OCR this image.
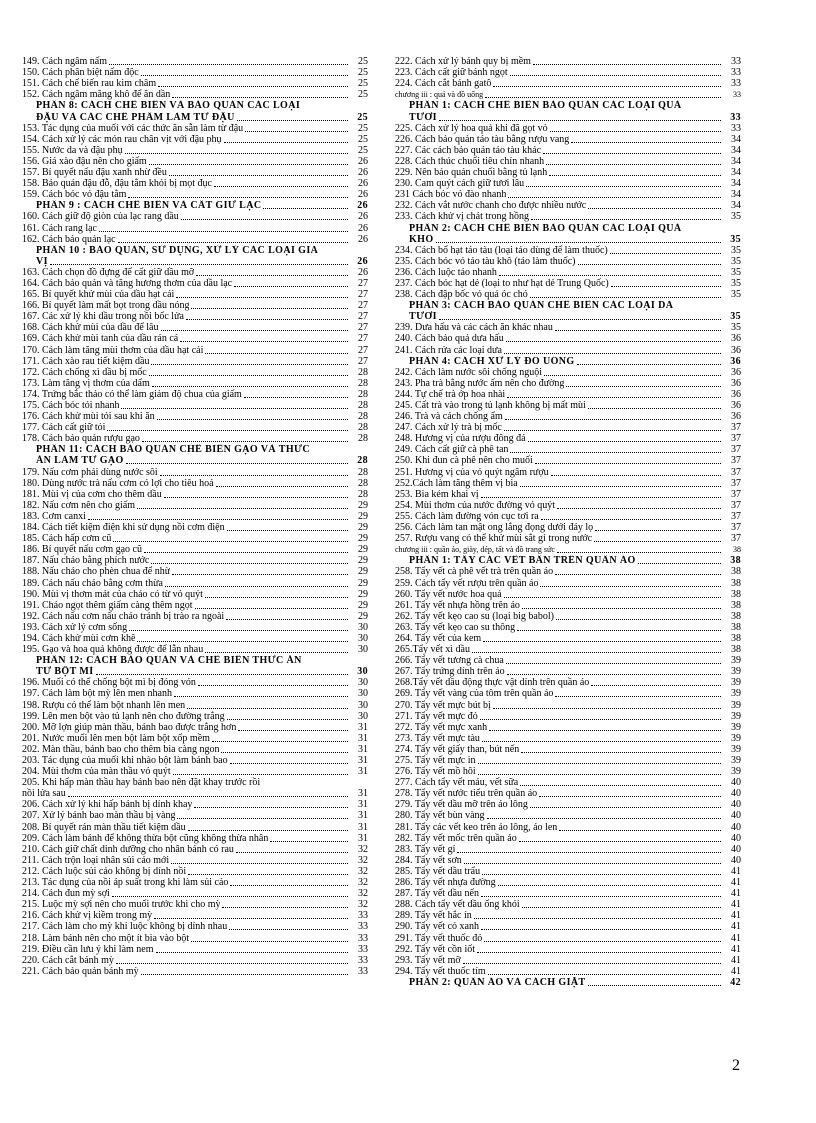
149. Cách ngâm nấm	25
150. Cách phân biệt nấm độc	25
151. Cách chế biến rau kim châm	25
152. Cách ngâm măng khô để ăn dần	25
PHẦN 8: CÁCH CHẾ BIẾN VÀ BẢO QUẢN CÁC LOẠI
ĐẬU VÀ CÁC CHẾ PHẨM LÀM TỪ ĐẬU	25
153. Tác dụng của muối với các thức ăn sẵn làm từ đậu	25
154. Cách xử lý các món rau chân vịt với đậu phụ	25
155. Nước da và đậu phụ	25
156. Giá xào đậu nên cho giấm	26
157. Bí quyết nấu đậu xanh nhừ đều	26
158. Bảo quản đậu đỗ, đậu tằm khỏi bị mọt đục	26
159. Cách bóc vỏ đậu tằm	26
PHẦN 9 : CÁCH CHẾ BIẾN VÀ CẤT GIỮ LẠC	26
160. Cách giữ độ giòn của lạc rang dầu	26
161. Cách rang lạc	26
162. Cách bảo quản lạc	26
PHẦN 10 : BẢO QUẢN, SỬ DỤNG, XỬ LÝ CÁC LOẠI GIA
VỊ	26
163. Cách chọn đồ đựng để cất giữ dầu mỡ	26
164. Cách bảo quản và tăng hương thơm của dầu lạc	27
165. Bí quyết khử mùi của dầu hạt cải	27
166. Bí quyết làm mất bọt trong dầu nóng	27
167. Các xử lý khi dầu trong nồi bốc lửa	27
168. Cách khử mùi của dầu để lâu	27
169. Cách khử mùi tanh của dầu rán cá	27
170. Cách làm tăng mùi thơm của dầu hạt cải	27
171. Cách xào rau tiết kiệm dầu	27
172. Cách chống xì dầu bị mốc	28
173. Làm tăng vị thơm của dấm	28
174. Trứng bắc thảo có thể làm giảm độ chua của giấm	28
175. Cách bóc tỏi nhanh	28
176. Cách khử mùi tỏi sau khi ăn	28
177. Cách cất giữ tỏi	28
178. Cách bảo quản rượu gạo	28
PHẦN 11: CÁCH BẢO QUẢN CHẾ BIẾN GẠO VÀ THỨC
ĂN LÀM TỪ GẠO	28
179. Nấu cơm phải dùng nước sôi	28
180. Dùng nước trà nấu cơm có lợi cho tiêu hoá	28
181. Mùi vị của cơm cho thêm dầu	28
182. Nấu cơm nên cho giấm	29
183. Cơm canxi	29
184. Cách tiết kiệm điện khi sử dụng nồi cơm điện	29
185. Cách hấp cơm cũ	29
186. Bí quyết nấu cơm gạo cũ	29
187. Nấu cháo bằng phích nước	29
188. Nấu cháo cho phèn chua để nhừ	29
189. Cách nấu cháo bằng cơm thừa	29
190. Mùi vị thơm mát của cháo có từ vỏ quýt	29
191. Cháo ngọt thêm giấm càng thêm ngọt	29
192. Cách nấu cơm nấu cháo tránh bị trào ra ngoài	29
193. Cách xử lý cơm sống	30
194. Cách khử mùi cơm khê	30
195. Gạo và hoa quả không được để lẫn nhau	30
PHẦN 12: CÁCH BẢO QUẢN VÀ CHẾ BIẾN THỨC ĂN
TỪ BỘT MÌ	30
196. Muối có thể chống bột mì bị đóng vón	30
197. Cách làm bột mỳ lên men nhanh	30
198. Rượu có thể làm bột nhanh lên men	30
199. Lên men bột vào tủ lạnh nên cho đường trắng	30
200. Mỡ lợn giúp màn thầu, bánh bao được trắng hơn	31
201. Nước muối lên men bột làm bột xốp mềm	31
202. Màn thầu, bánh bao cho thêm bia càng ngon	31
203. Tác dụng của muối khi nhào bột làm bánh bao	31
204. Mùi thơm của màn thầu vỏ quýt	31
205. Khi hấp màn thầu hay bánh bao nên đặt khay trước rồi
nồi lửa sau	31
206. Cách xử lý khi hấp bánh bị dính khay	31
207. Xử lý bánh bao màn thầu bị vàng	31
208. Bí quyết rán màn thầu tiết kiệm dầu	31
209. Cách làm bánh để không thừa bột cũng không thừa nhân	31
210. Cách giữ chất dinh dưỡng cho nhân bánh có rau	32
211. Cách trộn loại nhân sủi cảo mới	32
212. Cách luộc sủi cảo không bị dính nồi	32
213. Tác dụng của nồi áp suất trong khi làm sủi cảo	32
214. Cách đun mỳ sợi	32
215. Luộc mỳ sợi nên cho muối trước khi cho mỳ	32
216. Cách khử vị kiềm trong mỳ	33
217. Cách làm cho mỳ khi luộc không bị dính nhau	33
218. Làm bánh nên cho một ít bia vào bột	33
219. Điều cần lưu ý khi làm nem	33
220. Cách cắt bánh mỳ	33
221. Cách bảo quản bánh mỳ	33
222. Cách xử lý bánh quy bị mềm	33
223. Cách cất giữ bánh ngọt	33
224. Cách cắt bánh gatô	33
chương iii : quả và đồ uống	33
PHẦN 1: CÁCH CHẾ BIẾN BẢO QUẢN CÁC LOẠI QUẢ
TƯƠI	33
225. Cách xử lý hoa quả khi đã gọt vỏ	33
226. Cách bảo quản táo tàu bằng rượu vang	34
227. Các cách bảo quản táo tàu khác	34
228. Cách thúc chuối tiêu chín nhanh	34
229. Nên bảo quản chuối bằng tủ lạnh	34
230. Cam quýt cách giữ tươi lâu	34
231 Cách bóc vỏ đào nhanh	34
232. Cách vắt nước chanh cho được nhiều nước	34
233. Cách khử vị chát trong hồng	35
PHẦN 2: CÁCH CHẾ BIẾN BẢO QUẢN CÁC LOẠI QUẢ
KHÔ	35
234. Cách bổ hạt táo tàu (loại táo dùng để làm thuốc)	35
235. Cách bóc vỏ táo tàu khô (táo làm thuốc)	35
236. Cách luộc táo nhanh	35
237. Cách bóc hạt dẻ (loại to như hạt dẻ Trung Quốc)	35
238. Cách đập bốc vỏ quả óc chó	35
PHẦN 3: CÁCH BẢO QUẢN CHẾ BIẾN CÁC LOẠI DA
TƯƠI	35
239. Dưa hấu và các cách ăn khác nhau	35
240. Cách bảo quả dưa hấu	36
241. Cách rửa các loại dưa	36
PHẦN 4: CÁCH XỬ LÝ ĐỒ UỐNG	36
242. Cách làm nước sôi chống nguội	36
243. Pha trà bằng nước ấm nên cho đường	36
244. Tự chế trà ớp hoa nhài	36
245. Cất trà vào trong tủ lạnh không bị mất mùi	36
246. Trà và cách chống ẩm	36
247. Cách xử lý trà bị mốc	37
248. Hương vị của rượu đông đá	37
249. Cách cất giữ cà phê tan	37
250. Khi đun cà phê nên cho muối	37
251. Hương vị của vỏ quýt ngâm rượu	37
252.Cách làm tăng thêm vị bia	37
253. Bia kém khai vị	37
254. Mùi thơm của nước đường vỏ quýt	37
255. Cách làm đường vón cục tơi ra	37
256. Cách làm tan mật ong lắng đọng dưới đáy lọ	37
257. Rượu vang có thể khử mùi sắt gỉ trong nước	37
chương iii : quần áo, giày, dép, tất và đồ trang sức	38
PHẦN 1: TẨY CÁC VẾT BẨN TRÊN QUẦN ÁO	38
258. Tẩy vết cà phê vết trà trên quần áo	38
259. Cách tẩy vết rượu trên quần áo	38
260. Tẩy vết nước hoa quả	38
261. Tẩy vết nhựa hồng trên áo	38
262. Tẩy vết kẹo cao su (loại big babol)	38
263. Tẩy vết kẹo cao su thông	38
264. Tẩy vết của kem	38
265.Tẩy vết xì dầu	38
266. Tẩy vết tương cà chua	39
267. Tẩy trứng dính trên áo	39
268.Tẩy vết dầu động thực vật dính trên quần áo	39
269. Tẩy vết vàng của tôm trên quần áo	39
270. Tẩy vết mực bút bị	39
271. Tẩy vết mực đỏ	39
272. Tẩy vết mực xanh	39
273. Tẩy vết mực tàu	39
274. Tẩy vết giấy than, bút nến	39
275. Tẩy vết mực in	39
276. Tẩy vết mồ hôi	39
277. Cách tẩy vết máu, vết sữa	40
278. Tẩy vết nước tiểu trên quần áo	40
279. Tẩy vết dầu mỡ trên áo lông	40
280. Tẩy vết bùn vàng	40
281. Tẩy các vết keo trên áo lông, áo len	40
282. Tẩy vết mốc trên quần áo	40
283. Tẩy vết gỉ	40
284. Tẩy vết sơn	40
285. Tẩy vết dầu trẩu	41
286. Tẩy vết nhựa đường	41
287. Tẩy vết dầu nến	41
288. Cách tẩy vết dầu ống khói	41
289. Tẩy vết hắc ín	41
290. Tẩy vết cỏ xanh	41
291. Tẩy vết thuốc đỏ	41
292. Tẩy vết cồn iốt	41
293. Tẩy vết mỡ	41
294. Tẩy vết thuốc tím	41
PHẦN 2: QUẦN ÁO VÀ CÁCH GIẶT	42
2
